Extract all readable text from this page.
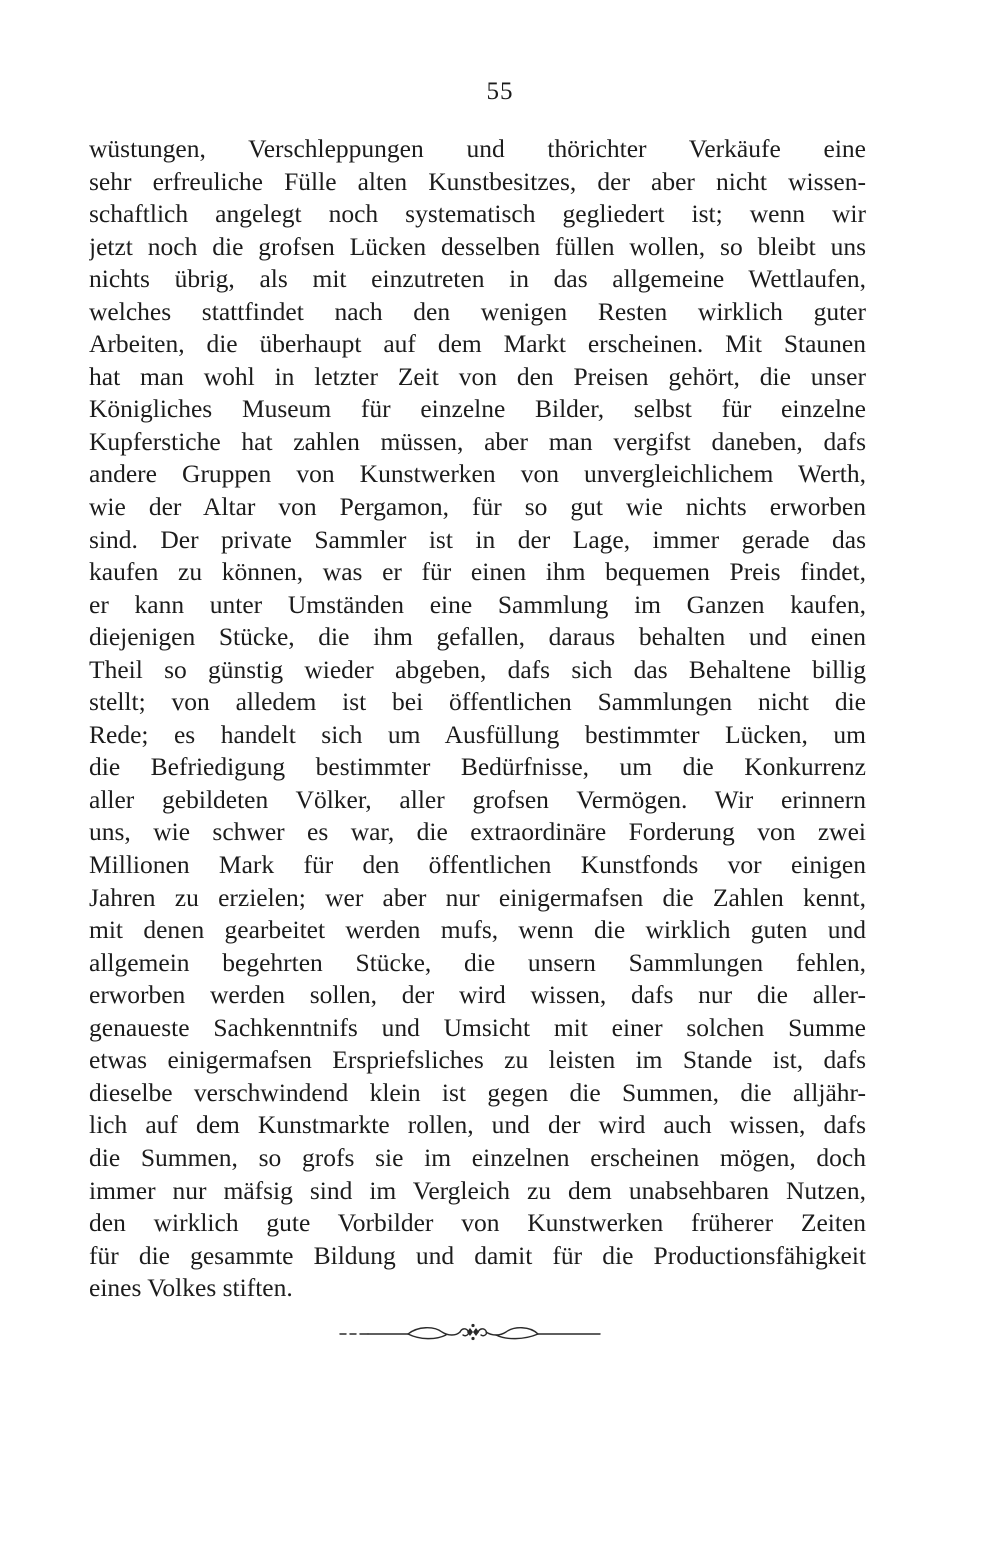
55
wüstungen, Verschleppungen und thörichter Verkäufe eine
sehr erfreuliche Fülle alten Kunstbesitzes, der aber nicht wissen-
schaftlich angelegt noch systematisch gegliedert ist; wenn wir
jetzt noch die grofsen Lücken desselben füllen wollen, so bleibt uns
nichts übrig, als mit einzutreten in das allgemeine Wettlaufen,
welches stattfindet nach den wenigen Resten wirklich guter
Arbeiten, die überhaupt auf dem Markt erscheinen. Mit Staunen
hat man wohl in letzter Zeit von den Preisen gehört, die unser
Königliches Museum für einzelne Bilder, selbst für einzelne
Kupferstiche hat zahlen müssen, aber man vergifst daneben, dafs
andere Gruppen von Kunstwerken von unvergleichlichem Werth,
wie der Altar von Pergamon, für so gut wie nichts erworben
sind. Der private Sammler ist in der Lage, immer gerade das
kaufen zu können, was er für einen ihm bequemen Preis findet,
er kann unter Umständen eine Sammlung im Ganzen kaufen,
diejenigen Stücke, die ihm gefallen, daraus behalten und einen
Theil so günstig wieder abgeben, dafs sich das Behaltene billig
stellt; von alledem ist bei öffentlichen Sammlungen nicht die
Rede; es handelt sich um Ausfüllung bestimmter Lücken, um
die Befriedigung bestimmter Bedürfnisse, um die Konkurrenz
aller gebildeten Völker, aller grofsen Vermögen. Wir erinnern
uns, wie schwer es war, die extraordinäre Forderung von zwei
Millionen Mark für den öffentlichen Kunstfonds vor einigen
Jahren zu erzielen; wer aber nur einigermafsen die Zahlen kennt,
mit denen gearbeitet werden mufs, wenn die wirklich guten und
allgemein begehrten Stücke, die unsern Sammlungen fehlen,
erworben werden sollen, der wird wissen, dafs nur die aller-
genaueste Sachkenntnifs und Umsicht mit einer solchen Summe
etwas einigermafsen Erspriefsliches zu leisten im Stande ist, dafs
dieselbe verschwindend klein ist gegen die Summen, die alljähr-
lich auf dem Kunstmarkte rollen, und der wird auch wissen, dafs
die Summen, so grofs sie im einzelnen erscheinen mögen, doch
immer nur mäfsig sind im Vergleich zu dem unabsehbaren Nutzen,
den wirklich gute Vorbilder von Kunstwerken früherer Zeiten
für die gesammte Bildung und damit für die Productionsfähigkeit
eines Volkes stiften.
